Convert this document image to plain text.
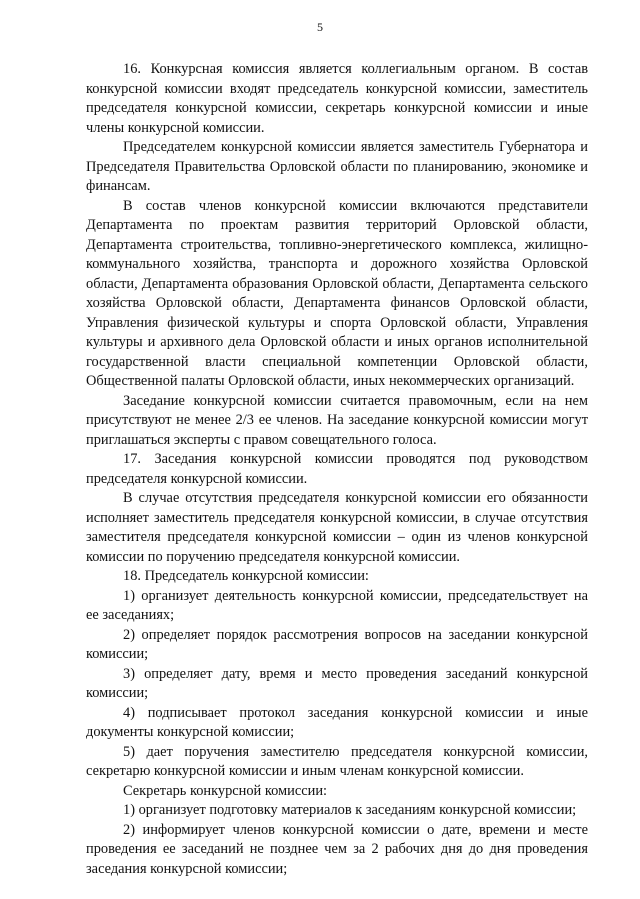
5

16. Конкурсная комиссия является коллегиальным органом. В состав конкурсной комиссии входят председатель конкурсной комиссии, заместитель председателя конкурсной комиссии, секретарь конкурсной комиссии и иные члены конкурсной комиссии.

Председателем конкурсной комиссии является заместитель Губернатора и Председателя Правительства Орловской области по планированию, экономике и финансам.

В состав членов конкурсной комиссии включаются представители Департамента по проектам развития территорий Орловской области, Департамента строительства, топливно-энергетического комплекса, жилищно-коммунального хозяйства, транспорта и дорожного хозяйства Орловской области, Департамента образования Орловской области, Департамента сельского хозяйства Орловской области, Департамента финансов Орловской области, Управления физической культуры и спорта Орловской области, Управления культуры и архивного дела Орловской области и иных органов исполнительной государственной власти специальной компетенции Орловской области, Общественной палаты Орловской области, иных некоммерческих организаций.

Заседание конкурсной комиссии считается правомочным, если на нем присутствуют не менее 2/3 ее членов. На заседание конкурсной комиссии могут приглашаться эксперты с правом совещательного голоса.

17. Заседания конкурсной комиссии проводятся под руководством председателя конкурсной комиссии.

В случае отсутствия председателя конкурсной комиссии его обязанности исполняет заместитель председателя конкурсной комиссии, в случае отсутствия заместителя председателя конкурсной комиссии – один из членов конкурсной комиссии по поручению председателя конкурсной комиссии.

18. Председатель конкурсной комиссии:

1) организует деятельность конкурсной комиссии, председательствует на ее заседаниях;

2) определяет порядок рассмотрения вопросов на заседании конкурсной комиссии;

3) определяет дату, время и место проведения заседаний конкурсной комиссии;

4) подписывает протокол заседания конкурсной комиссии и иные документы конкурсной комиссии;

5) дает поручения заместителю председателя конкурсной комиссии, секретарю конкурсной комиссии и иным членам конкурсной комиссии.

Секретарь конкурсной комиссии:

1) организует подготовку материалов к заседаниям конкурсной комиссии;

2) информирует членов конкурсной комиссии о дате, времени и месте проведения ее заседаний не позднее чем за 2 рабочих дня до дня проведения заседания конкурсной комиссии;
